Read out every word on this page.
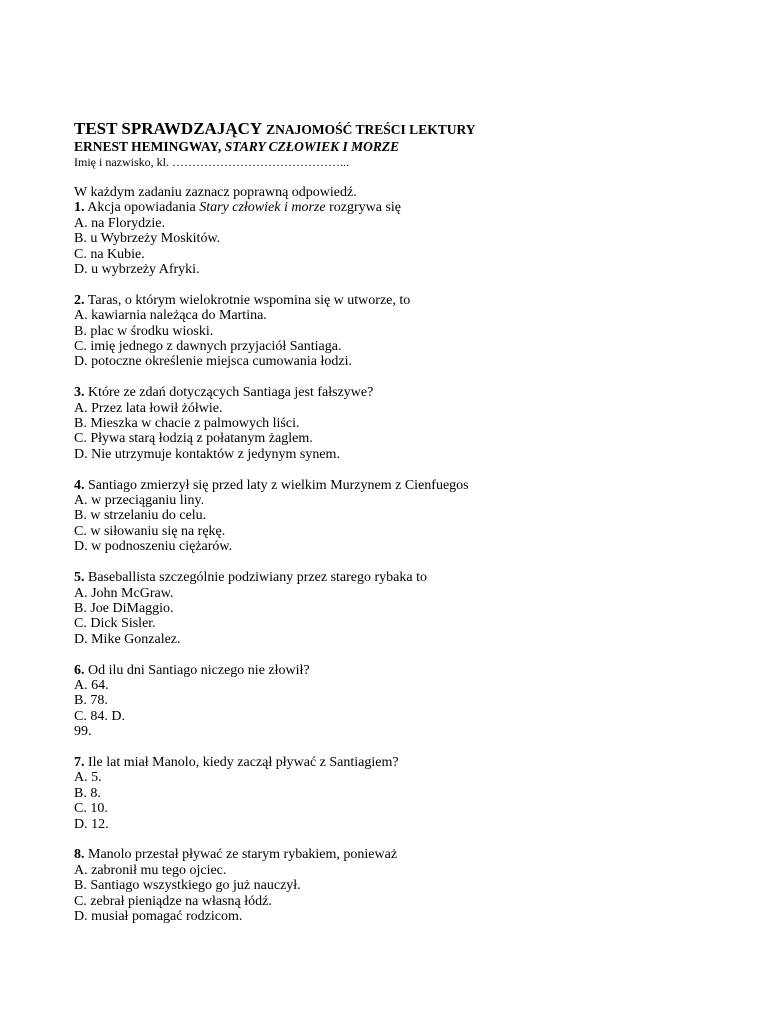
TEST SPRAWDZAJĄCY ZNAJOMOŚĆ TREŚCI LEKTURY
ERNEST HEMINGWAY, STARY CZŁOWIEK I MORZE
Imię i nazwisko, kl. ……………………………………...
W każdym zadaniu zaznacz poprawną odpowiedź.
1. Akcja opowiadania Stary człowiek i morze rozgrywa się
A. na Florydzie.
B. u Wybrzeży Moskitów.
C. na Kubie.
D. u wybrzeży Afryki.
2. Taras, o którym wielokrotnie wspomina się w utworze, to
A. kawiarnia należąca do Martina.
B. plac w środku wioski.
C. imię jednego z dawnych przyjaciół Santiaga.
D. potoczne określenie miejsca cumowania łodzi.
3. Które ze zdań dotyczących Santiaga jest fałszywe?
A. Przez lata łowił żółwie.
B. Mieszka w chacie z palmowych liści.
C. Pływa starą łodzią z połatanym żaglem.
D. Nie utrzymuje kontaktów z jedynym synem.
4. Santiago zmierzył się przed laty z wielkim Murzynem z Cienfuegos
A. w przeciąganiu liny.
B. w strzelaniu do celu.
C. w siłowaniu się na rękę.
D. w podnoszeniu ciężarów.
5. Baseballista szczególnie podziwiany przez starego rybaka to
A. John McGraw.
B. Joe DiMaggio.
C. Dick Sisler.
D. Mike Gonzalez.
6. Od ilu dni Santiago niczego nie złowił?
A. 64.
B. 78.
C. 84. D.
99.
7. Ile lat miał Manolo, kiedy zaczął pływać z Santiagiem?
A. 5.
B. 8.
C. 10.
D. 12.
8. Manolo przestał pływać ze starym rybakiem, ponieważ
A. zabronił mu tego ojciec.
B. Santiago wszystkiego go już nauczył.
C. zebrał pieniądze na własną łódź.
D. musiał pomagać rodzicom.
